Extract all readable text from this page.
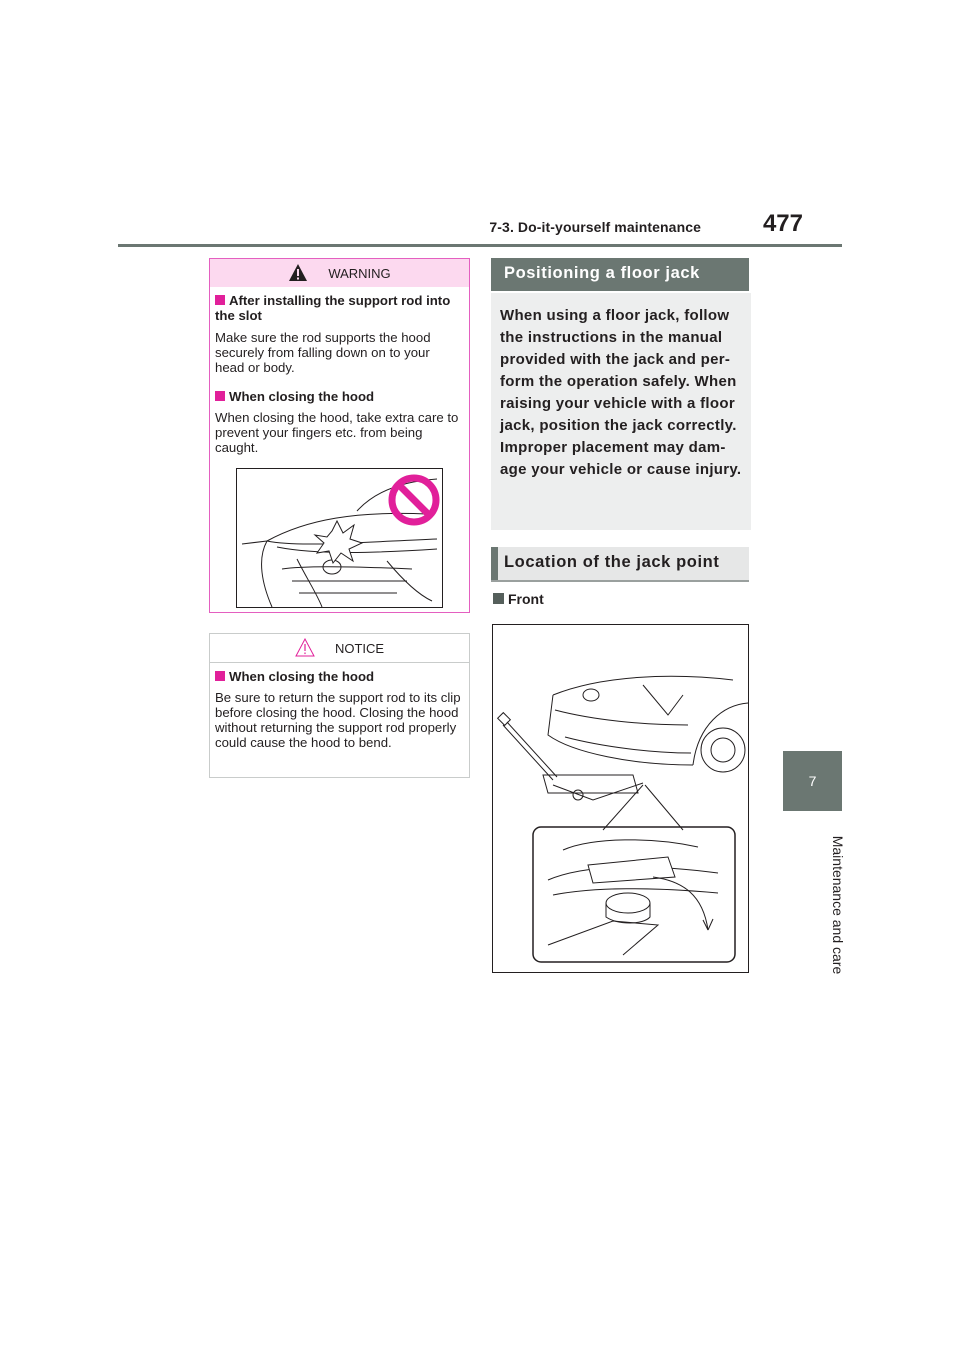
7-3. Do-it-yourself maintenance	477
7
Maintenance and care
WARNING
After installing the support rod into the slot
Make sure the rod supports the hood securely from falling down on to your head or body.
When closing the hood
When closing the hood, take extra care to prevent your fingers etc. from being caught.
NOTICE
When closing the hood
Be sure to return the support rod to its clip before closing the hood. Closing the hood without returning the support rod properly could cause the hood to bend.
Positioning a floor jack
When using a floor jack, follow the instructions in the manual provided with the jack and per-form the operation safely. When raising your vehicle with a floor jack, position the jack correctly. Improper placement may dam-age your vehicle or cause injury.
Location of the jack point
Front
